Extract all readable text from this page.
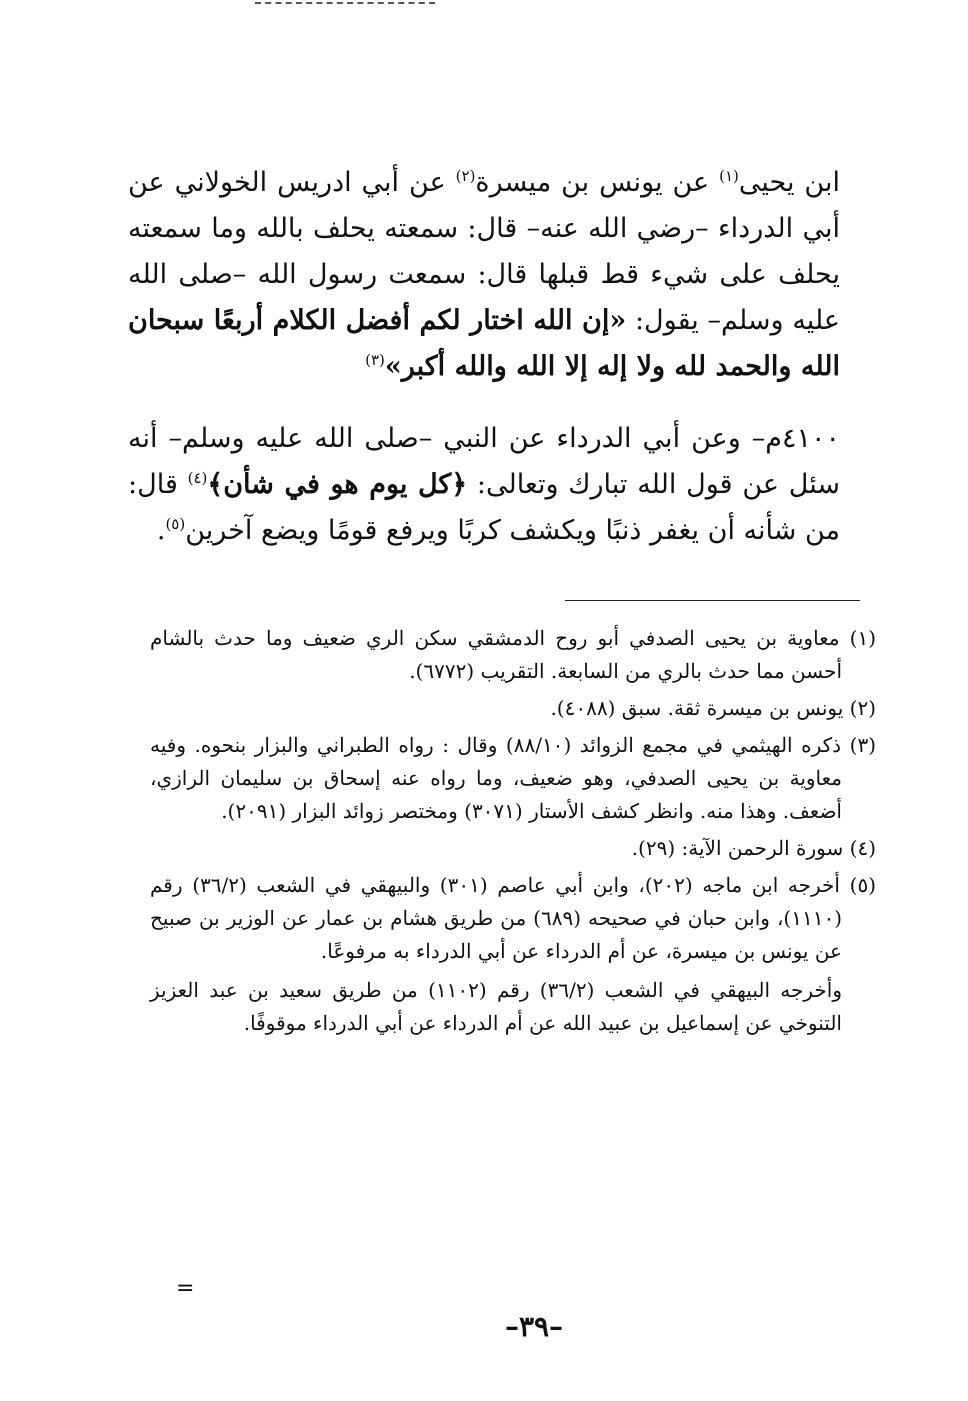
ابن يحيى$^{(١)}$ عن يونس بن ميسرة$^{(٢)}$ عن أبي ادريس الخولاني عن أبي الدرداء –رضي الله عنه– قال: سمعته يحلف بالله وما سمعته يحلف على شيء قط قبلها قال: سمعت رسول الله –صلى الله عليه وسلم– يقول: «إن الله اختار لكم أفضل الكلام أربعًا سبحان الله والحمد لله ولا إله إلا الله والله أكبر»$^{(٣)}$

٤١٠٠م– وعن أبي الدرداء عن النبي –صلى الله عليه وسلم– أنه سئل عن قول الله تبارك وتعالى: ﴿كل يوم هو في شأن﴾$^{(٤)}$ قال: من شأنه أن يغفر ذنبًا ويكشف كربًا ويرفع قومًا ويضع آخرين$^{(٥)}$.

(١) معاوية بن يحيى الصدفي أبو روح الدمشقي سكن الري ضعيف وما حدث بالشام أحسن مما حدث بالري من السابعة. التقريب (٦٧٧٢).

(٢) يونس بن ميسرة ثقة. سبق (٤٠٨٨).

(٣) ذكره الهيثمي في مجمع الزوائد (٨٨/١٠) وقال : رواه الطبراني والبزار بنحوه. وفيه معاوية بن يحيى الصدفي، وهو ضعيف، وما رواه عنه إسحاق بن سليمان الرازي، أضعف. وهذا منه. وانظر كشف الأستار (٣٠٧١) ومختصر زوائد البزار (٢٠٩١).

(٤) سورة الرحمن الآية: (٢٩).

(٥) أخرجه ابن ماجه (٢٠٢)، وابن أبي عاصم (٣٠١) والبيهقي في الشعب (٣٦/٢) رقم (١١١٠)، وابن حبان في صحيحه (٦٨٩) من طريق هشام بن عمار عن الوزير بن صبيح عن يونس بن ميسرة، عن أم الدرداء عن أبي الدرداء به مرفوعًا.

وأخرجه البيهقي في الشعب (٣٦/٢) رقم (١١٠٢) من طريق سعيد بن عبد العزيز التنوخي عن إسماعيل بن عبيد الله عن أم الدرداء عن أبي الدرداء موقوفًا.

=
–٣٩–
